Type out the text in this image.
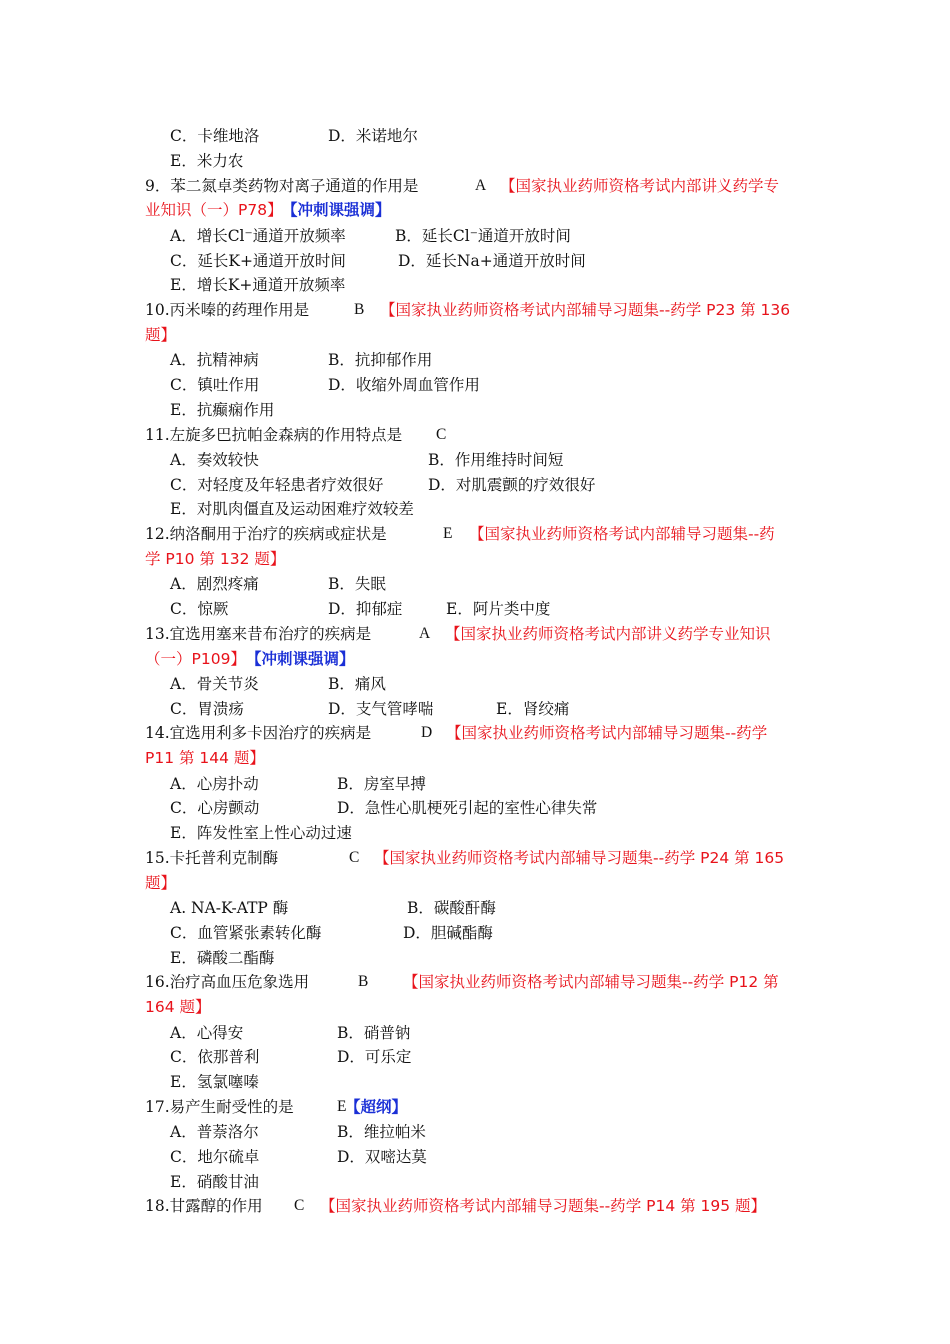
C．卡维地洛	D．米诺地尔
E．米力农
9．苯二氮卓类药物对离子通道的作用是	A 【国家执业药师资格考试内部讲义药学专
业知识（一）P78】 【冲刺课强调】
A．增长Cl⁻通道开放频率	B．延长Cl⁻通道开放时间
C．延长K+通道开放时间	D．延长Na+通道开放时间
E．增长K+通道开放频率
10.丙米嗪的药理作用是	B 【国家执业药师资格考试内部辅导习题集--药学 P23 第 136
题】
A．抗精神病	B．抗抑郁作用
C．镇吐作用	D．收缩外周血管作用
E．抗癫痫作用
11.左旋多巴抗帕金森病的作用特点是 C
A．奏效较快	B．作用维持时间短
C．对轻度及年轻患者疗效很好	D．对肌震颤的疗效很好
E．对肌肉僵直及运动困难疗效较差
12.纳洛酮用于治疗的疾病或症状是	E 【国家执业药师资格考试内部辅导习题集--药
学 P10 第 132 题】
A．剧烈疼痛	B．失眠
C．惊厥	D．抑郁症	E．阿片类中度
13.宜选用塞来昔布治疗的疾病是	A 【国家执业药师资格考试内部讲义药学专业知识
（一）P109】 【冲刺课强调】
A．骨关节炎	B．痛风
C．胃溃疡	D．支气管哮喘	E．肾绞痛
14.宜选用利多卡因治疗的疾病是	D 【国家执业药师资格考试内部辅导习题集--药学
P11 第 144 题】
A．心房扑动	B．房室早搏
C．心房颤动	D．急性心肌梗死引起的室性心律失常
E．阵发性室上性心动过速
15.卡托普利克制酶	C 【国家执业药师资格考试内部辅导习题集--药学 P24 第 165
题】
A. NA-K-ATP 酶	B．碳酸酐酶
C．血管紧张素转化酶	D．胆碱酯酶
E．磷酸二酯酶
16.治疗高血压危象选用	B 【国家执业药师资格考试内部辅导习题集--药学 P12 第
164 题】
A．心得安	B．硝普钠
C．依那普利	D．可乐定
E．氢氯噻嗪
17.易产生耐受性的是	E
【超纲】
A．普萘洛尔	B．维拉帕米
C．地尔硫卓	D．双嘧达莫
E．硝酸甘油
18.甘露醇的作用 C 【国家执业药师资格考试内部辅导习题集--药学 P14 第 195 题】
